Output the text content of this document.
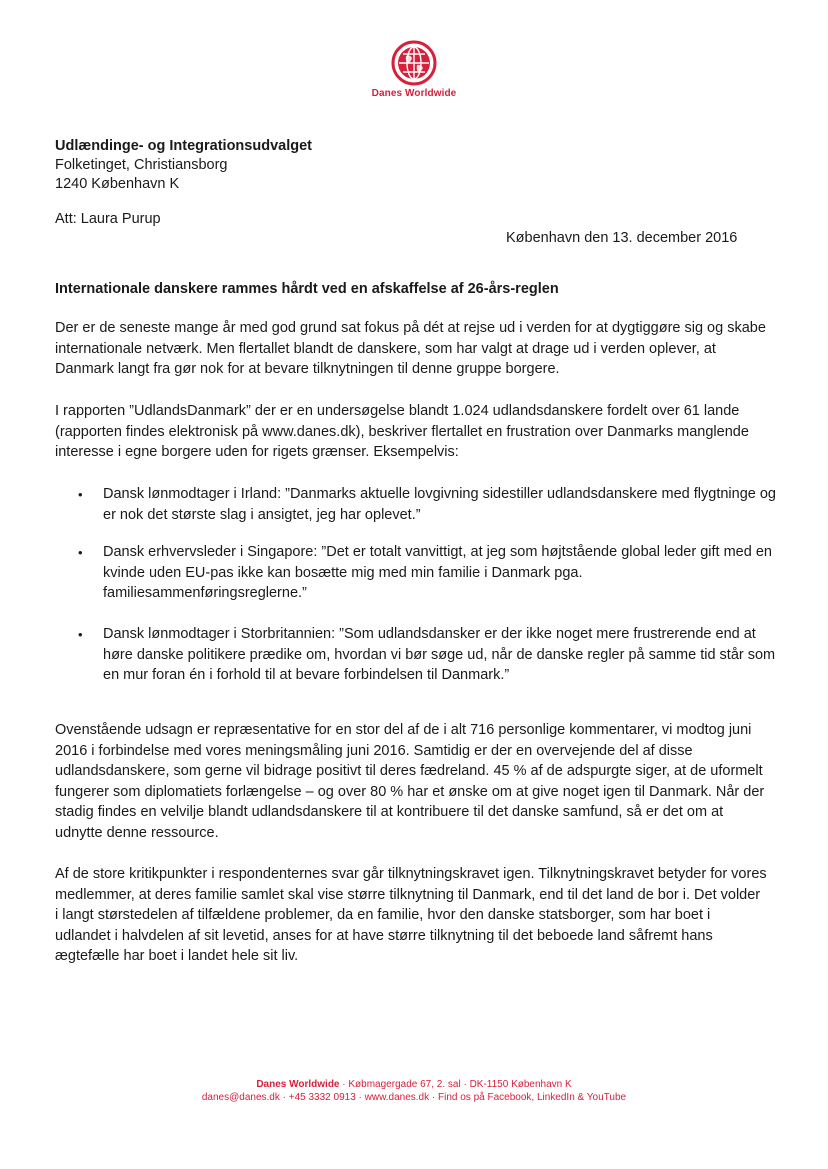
Danes Worldwide
Udlændinge- og Integrationsudvalget
Folketinget, Christiansborg
1240 København K
Att: Laura Purup
København den 13. december 2016
Internationale danskere rammes hårdt ved en afskaffelse af 26-års-reglen

Der er de seneste mange år med god grund sat fokus på dét at rejse ud i verden for at dygtiggøre sig og skabe internationale netværk. Men flertallet blandt de danskere, som har valgt at drage ud i verden oplever, at Danmark langt fra gør nok for at bevare tilknytningen til denne gruppe borgere.

I rapporten ”UdlandsDanmark” der er en undersøgelse blandt 1.024 udlandsdanskere fordelt over 61 lande (rapporten findes elektronisk på www.danes.dk), beskriver flertallet en frustration over Danmarks manglende interesse i egne borgere uden for rigets grænser. Eksempelvis:

• Dansk lønmodtager i Irland: ”Danmarks aktuelle lovgivning sidestiller udlandsdanskere med flygtninge og er nok det største slag i ansigtet, jeg har oplevet.”

• Dansk erhvervsleder i Singapore: ”Det er totalt vanvittigt, at jeg som højtstående global leder gift med en kvinde uden EU-pas ikke kan bosætte mig med min familie i Danmark pga. familiesammenføringsreglerne.”

• Dansk lønmodtager i Storbritannien: ”Som udlandsdansker er der ikke noget mere frustrerende end at høre danske politikere prædike om, hvordan vi bør søge ud, når de danske regler på samme tid står som en mur foran én i forhold til at bevare forbindelsen til Danmark.”

Ovenstående udsagn er repræsentative for en stor del af de i alt 716 personlige kommentarer, vi modtog juni 2016 i forbindelse med vores meningsmåling juni 2016. Samtidig er der en overvejende del af disse udlandsdanskere, som gerne vil bidrage positivt til deres fædreland. 45 % af de adspurgte siger, at de uformelt fungerer som diplomatiets forlængelse – og over 80 % har et ønske om at give noget igen til Danmark. Når der stadig findes en velvilje blandt udlandsdanskere til at kontribuere til det danske samfund, så er det om at udnytte denne ressource.

Af de store kritikpunkter i respondenternes svar går tilknytningskravet igen. Tilknytningskravet betyder for vores medlemmer, at deres familie samlet skal vise større tilknytning til Danmark, end til det land de bor i. Det volder i langt størstedelen af tilfældene problemer, da en familie, hvor den danske statsborger, som har boet i udlandet i halvdelen af sit levetid, anses for at have større tilknytning til det beboede land såfremt hans ægtefælle har boet i landet hele sit liv.

Danes Worldwide · Købmagergade 67, 2. sal · DK-1150 København K
danes@danes.dk · +45 3332 0913 · www.danes.dk · Find os på Facebook, LinkedIn & YouTube
